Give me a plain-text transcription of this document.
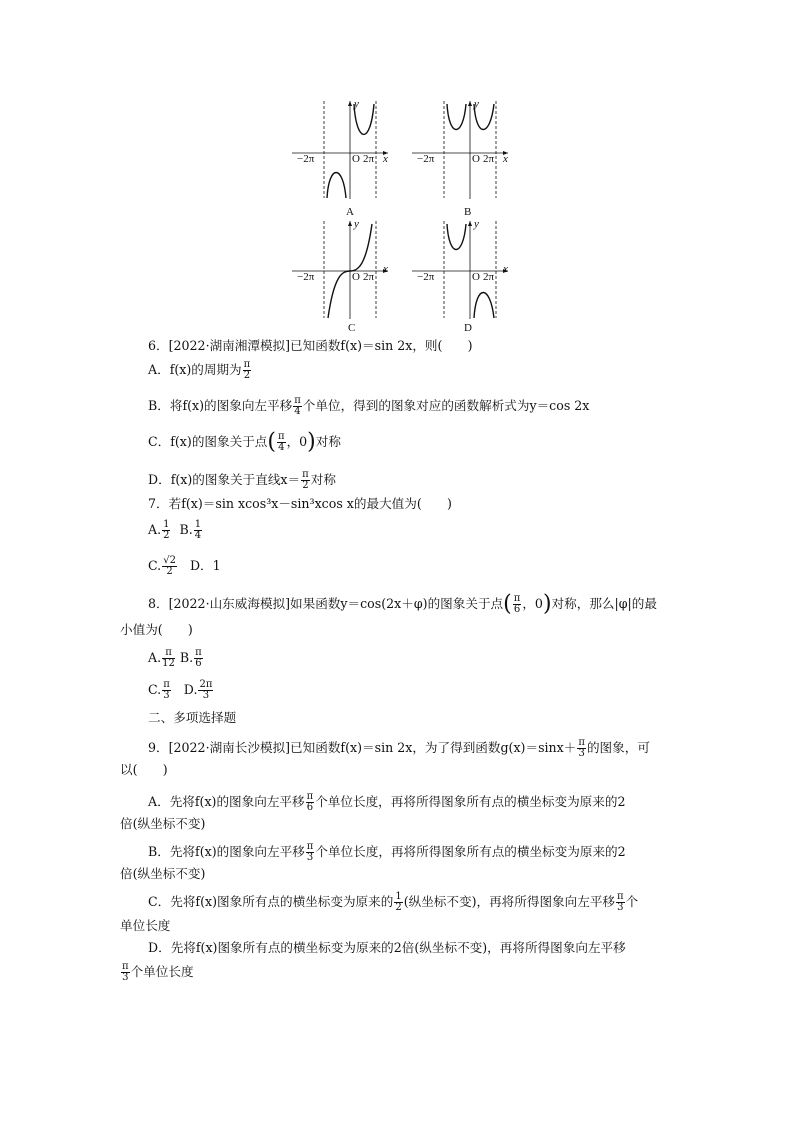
y
x
−2π	O 2π
A
y
x
−2π	O 2π
B
y
x
−2π	O 2π
C
y
x
−2π	O 2π
D
6．[2022·湖南湘潭模拟]已知函数f(x)＝sin 2x，则(　　)
A．f(x)的周期为 $\frac{\pi}{2}$
B．将f(x)的图象向左平移 $\frac{\pi}{4}$ 个单位，得到的图象对应的函数解析式为y＝cos 2x
C．f(x)的图象关于点( $\frac{\pi}{4}$ ，0)对称
D．f(x)的图象关于直线$x= \frac{\pi}{2}$ 对称
7．若f(x)＝sin xcos³x－sin³xcos x的最大值为(　　)
A. $\frac{1}{2} B$. $\frac{1}{4}$
C. $\frac{√2}{2}$ D．1
8．[2022·山东威海模拟]如果函数y＝cos(2x＋φ)的图象关于点( $\frac{\pi}{6}$ ，0)对称，那么|φ|的最
小值为(　　)
A. $\frac{\pi}{12} B$. $\frac{\pi}{6}$
C. $\frac{\pi}{3} D$. $\frac{2\pi}{3}$
二、多项选择题
9．[2022·湖南长沙模拟]已知函数f(x)＝sin 2x，为了得到函数$g(x)=\sin x+ \frac{\pi}{3}$ 的图象，可
以(　　)
A．先将f(x)的图象向左平移 $\frac{\pi}{6}$ 个单位长度，再将所得图象所有点的横坐标变为原来的2
倍(纵坐标不变)
B．先将f(x)的图象向左平移 $\frac{\pi}{3}$ 个单位长度，再将所得图象所有点的横坐标变为原来的2
倍(纵坐标不变)
C．先将f(x)图象所有点的横坐标变为原来的 $\frac{1}{2}$ (纵坐标不变)，再将所得图象向左平移 $\frac{\pi}{3}$ 个
单位长度
D．先将f(x)图象所有点的横坐标变为原来的2倍(纵坐标不变)，再将所得图象向左平移
$\frac{\pi}{3}$ 个单位长度
